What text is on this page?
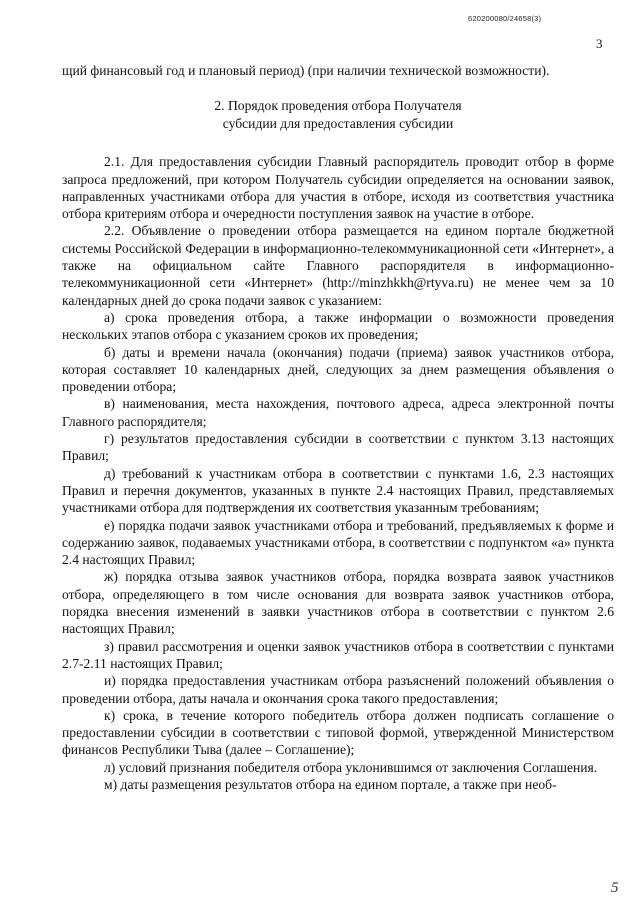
620200080/24658(3)
3

щий финансовый год и плановый период) (при наличии технической возможности).

2. Порядок проведения отбора Получателя
субсидии для предоставления субсидии

2.1. Для предоставления субсидии Главный распорядитель проводит отбор в форме запроса предложений, при котором Получатель субсидии определяется на основании заявок, направленных участниками отбора для участия в отборе, исходя из соответствия участника отбора критериям отбора и очередности поступления заявок на участие в отборе.

2.2. Объявление о проведении отбора размещается на едином портале бюджетной системы Российской Федерации в информационно-телекоммуникационной сети «Интернет», а также на официальном сайте Главного распорядителя в информационно-телекоммуникационной сети «Интернет» (http://minzhkkh@rtyva.ru) не менее чем за 10 календарных дней до срока подачи заявок с указанием:

а) срока проведения отбора, а также информации о возможности проведения нескольких этапов отбора с указанием сроков их проведения;

б) даты и времени начала (окончания) подачи (приема) заявок участников отбора, которая составляет 10 календарных дней, следующих за днем размещения объявления о проведении отбора;

в) наименования, места нахождения, почтового адреса, адреса электронной почты Главного распорядителя;

г) результатов предоставления субсидии в соответствии с пунктом 3.13 настоящих Правил;

д) требований к участникам отбора в соответствии с пунктами 1.6, 2.3 настоящих Правил и перечня документов, указанных в пункте 2.4 настоящих Правил, представляемых участниками отбора для подтверждения их соответствия указанным требованиям;

е) порядка подачи заявок участниками отбора и требований, предъявляемых к форме и содержанию заявок, подаваемых участниками отбора, в соответствии с подпунктом «а» пункта 2.4 настоящих Правил;

ж) порядка отзыва заявок участников отбора, порядка возврата заявок участников отбора, определяющего в том числе основания для возврата заявок участников отбора, порядка внесения изменений в заявки участников отбора в соответствии с пунктом 2.6 настоящих Правил;

з) правил рассмотрения и оценки заявок участников отбора в соответствии с пунктами 2.7-2.11 настоящих Правил;

и) порядка предоставления участникам отбора разъяснений положений объявления о проведении отбора, даты начала и окончания срока такого предоставления;

к) срока, в течение которого победитель отбора должен подписать соглашение о предоставлении субсидии в соответствии с типовой формой, утвержденной Министерством финансов Республики Тыва (далее – Соглашение);

л) условий признания победителя отбора уклонившимся от заключения Соглашения.

м) даты размещения результатов отбора на едином портале, а также при необ-

5
